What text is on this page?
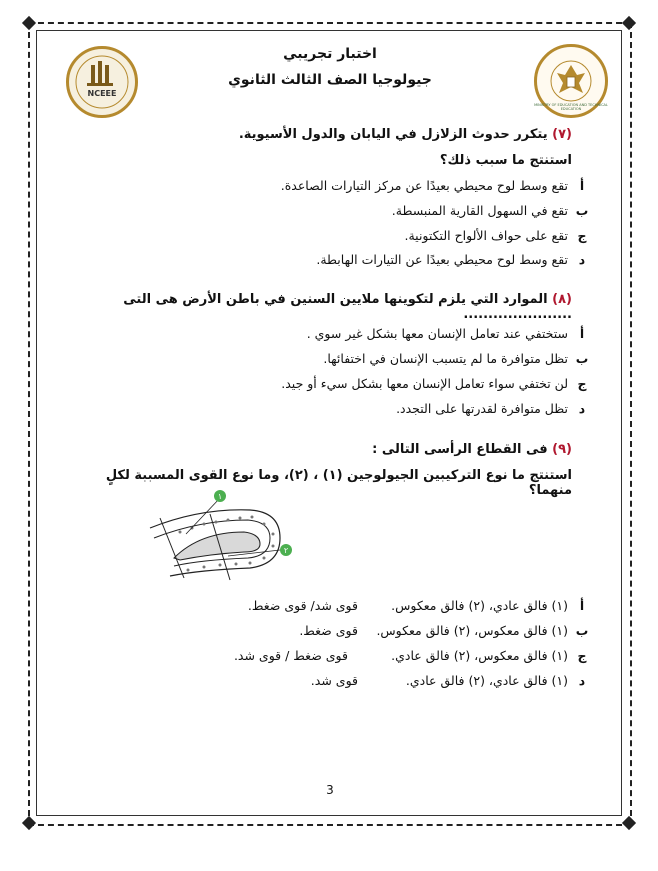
NCEEE
MINISTRY OF EDUCATION AND TECHNICAL EDUCATION
اختبار تجريبي
جيولوجيا الصف الثالث الثانوي
(٧) يتكرر حدوث الزلازل في اليابان والدول الأسيوية.
استنتج ما سبب ذلك؟
أ تقع وسط لوح محيطي بعيدًا عن مركز التيارات الصاعدة.
ب تقع في السهول القارية المنبسطة.
ج تقع على حواف الألواح التكتونية.
د تقع وسط لوح محيطي بعيدًا عن التيارات الهابطة.
(٨) الموارد التي يلزم لتكوينها ملايين السنين في باطن الأرض هى التى ......................
أ ستختفي عند تعامل الإنسان معها بشكل غير سوي .
ب تظل متوافرة ما لم يتسبب الإنسان في اختفائها.
ج لن تختفي سواء تعامل الإنسان معها بشكل سيء أو جيد.
د تظل متوافرة لقدرتها على التجدد.
(٩) فى القطاع الرأسى التالى :
استنتج ما نوع التركيبين الجيولوجين (١) ، (٢)، وما نوع القوى المسببة لكلٍ منهما؟
١
٢
أ (١) فالق عادي، (٢) فالق معكوس.
قوى شد/ قوى ضغط.
ب (١) فالق معكوس، (٢) فالق معكوس.
قوى ضغط.
ج (١) فالق معكوس، (٢) فالق عادي.
قوى ضغط / قوى شد.
د (١) فالق عادي، (٢) فالق عادي.
قوى شد.
3
